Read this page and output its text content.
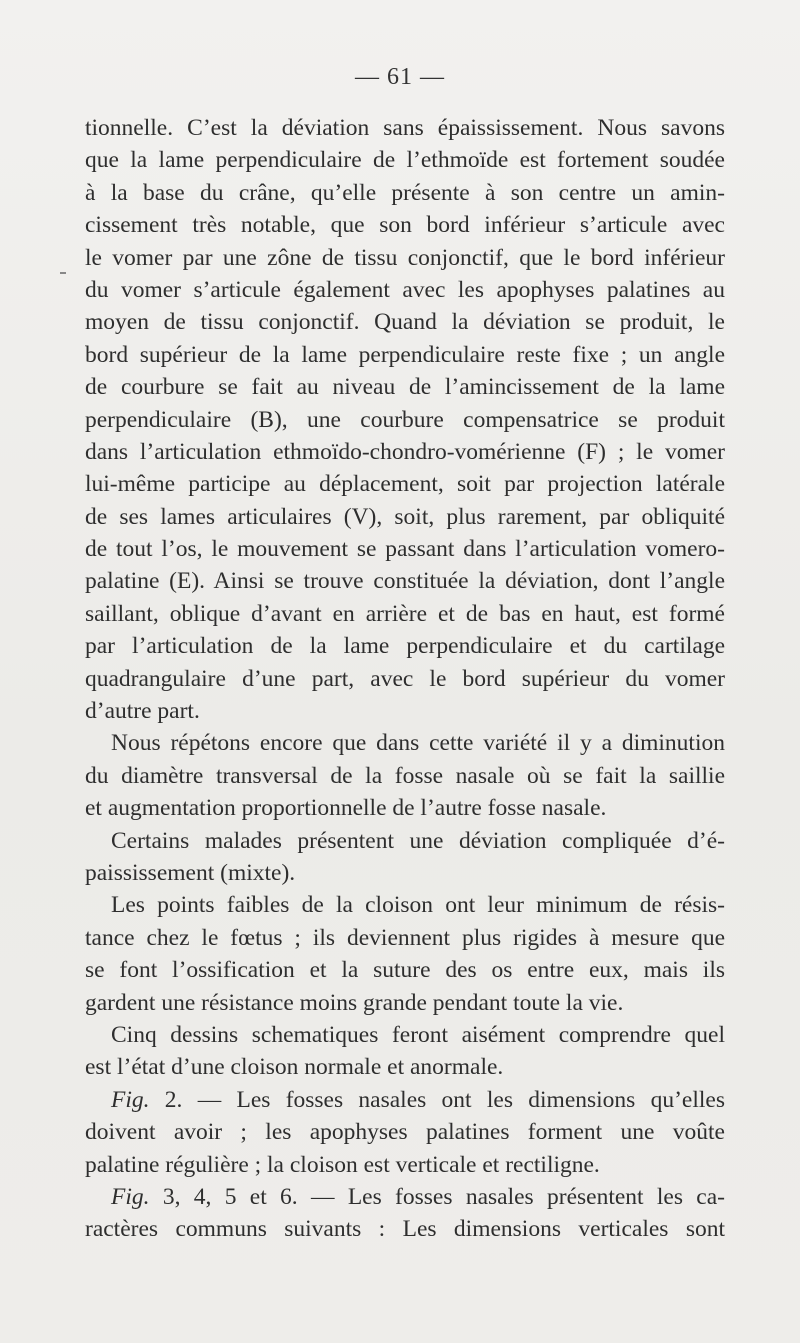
— 61 —
tionnelle. C’est la déviation sans épaississement. Nous savons
que la lame perpendiculaire de l’ethmoïde est fortement soudée
à la base du crâne, qu’elle présente à son centre un amin-
cissement très notable, que son bord inférieur s’articule avec
le vomer par une zône de tissu conjonctif, que le bord inférieur
du vomer s’articule également avec les apophyses palatines au
moyen de tissu conjonctif. Quand la déviation se produit, le
bord supérieur de la lame perpendiculaire reste fixe ; un angle
de courbure se fait au niveau de l’amincissement de la lame
perpendiculaire (B), une courbure compensatrice se produit
dans l’articulation ethmoïdo-chondro-vomérienne (F) ; le vomer
lui-même participe au déplacement, soit par projection latérale
de ses lames articulaires (V), soit, plus rarement, par obliquité
de tout l’os, le mouvement se passant dans l’articulation vomero-
palatine (E). Ainsi se trouve constituée la déviation, dont l’angle
saillant, oblique d’avant en arrière et de bas en haut, est formé
par l’articulation de la lame perpendiculaire et du cartilage
quadrangulaire d’une part, avec le bord supérieur du vomer
d’autre part.
Nous répétons encore que dans cette variété il y a diminution
du diamètre transversal de la fosse nasale où se fait la saillie
et augmentation proportionnelle de l’autre fosse nasale.
Certains malades présentent une déviation compliquée d’é-
paississement (mixte).
Les points faibles de la cloison ont leur minimum de résis-
tance chez le fœtus ; ils deviennent plus rigides à mesure que
se font l’ossification et la suture des os entre eux, mais ils
gardent une résistance moins grande pendant toute la vie.
Cinq dessins schematiques feront aisément comprendre quel
est l’état d’une cloison normale et anormale.
Fig. 2. — Les fosses nasales ont les dimensions qu’elles
doivent avoir ; les apophyses palatines forment une voûte
palatine régulière ; la cloison est verticale et rectiligne.
Fig. 3, 4, 5 et 6. — Les fosses nasales présentent les ca-
ractères communs suivants : Les dimensions verticales sont
